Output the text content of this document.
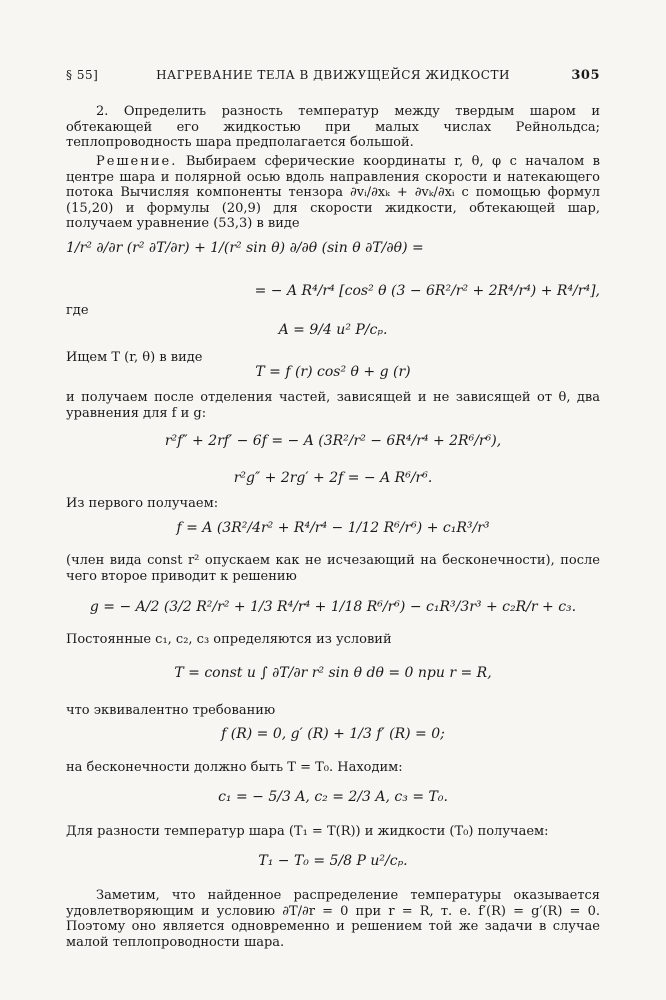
§ 55]	НАГРЕВАНИЕ ТЕЛА В ДВИЖУЩЕЙСЯ ЖИДКОСТИ	305
2. Определить разность температур между твердым шаром и обтекающей его жидкостью при малых числах Рейнольдса; теплопроводность шара предполагается большой.
Решение. Выбираем сферические координаты r, θ, φ с началом в центре шара и полярной осью вдоль направления скорости и натекающего потока Вычисляя компоненты тензора ∂vᵢ/∂xₖ + ∂vₖ/∂xᵢ с помощью формул (15,20) и формулы (20,9) для скорости жидкости, обтекающей шар, получаем уравнение (53,3) в виде
1/r² ∂/∂r (r² ∂T/∂r) + 1/(r² sin θ) ∂/∂θ (sin θ ∂T/∂θ) =
= − A R⁴/r⁴ [cos² θ (3 − 6R²/r² + 2R⁴/r⁴) + R⁴/r⁴],
где
A = 9/4 u² P/cₚ.
Ищем T (r, θ) в виде
T = f (r) cos² θ + g (r)
и получаем после отделения частей, зависящей и не зависящей от θ, два уравнения для f и g:
r²f″ + 2rf′ − 6f = − A (3R²/r² − 6R⁴/r⁴ + 2R⁶/r⁶),
r²g″ + 2rg′ + 2f = − A R⁶/r⁶.
Из первого получаем:
f = A (3R²/4r² + R⁴/r⁴ − 1/12 R⁶/r⁶) + c₁R³/r³
(член вида const r² опускаем как не исчезающий на бесконечности), после чего второе приводит к решению
g = − A/2 (3/2 R²/r² + 1/3 R⁴/r⁴ + 1/18 R⁶/r⁶) − c₁R³/3r³ + c₂R/r + c₃.
Постоянные c₁, c₂, c₃ определяются из условий
T = const и ∫ ∂T/∂r r² sin θ dθ = 0 при r = R,
что эквивалентно требованию
f (R) = 0, g′ (R) + 1/3 f′ (R) = 0;
на бесконечности должно быть T = T₀. Находим:
c₁ = − 5/3 A, c₂ = 2/3 A, c₃ = T₀.
Для разности температур шара (T₁ = T(R)) и жидкости (T₀) получаем:
T₁ − T₀ = 5/8 P u²/cₚ.
Заметим, что найденное распределение температуры оказывается удовлетворяющим и условию ∂T/∂r = 0 при r = R, т. е. f′(R) = g′(R) = 0. Поэтому оно является одновременно и решением той же задачи в случае малой теплопроводности шара.
